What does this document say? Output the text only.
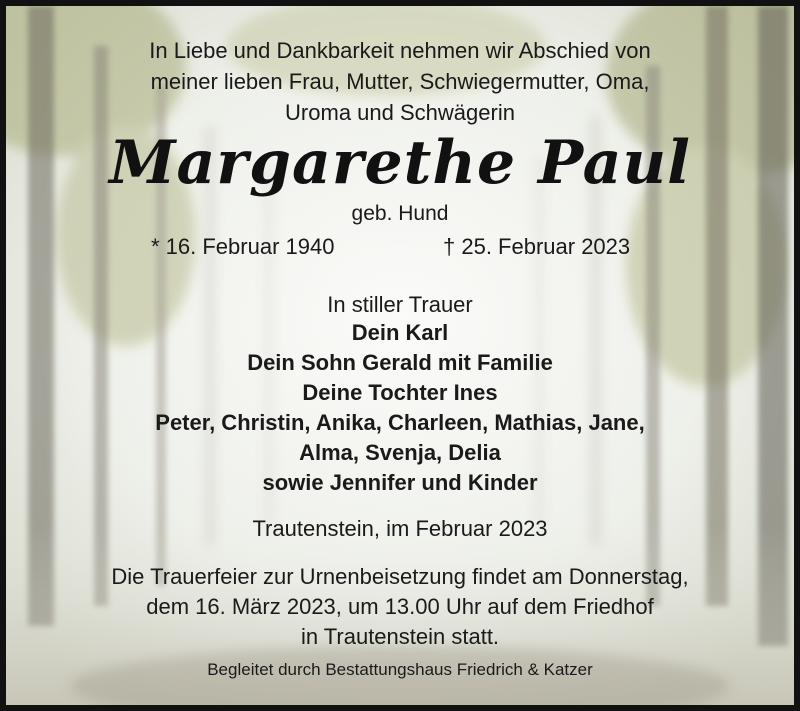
In Liebe und Dankbarkeit nehmen wir Abschied von
meiner lieben Frau, Mutter, Schwiegermutter, Oma,
Uroma und Schwägerin
Margarethe Paul
geb. Hund
* 16. Februar 1940	† 25. Februar 2023
In stiller Trauer
Dein Karl
Dein Sohn Gerald mit Familie
Deine Tochter Ines
Peter, Christin, Anika, Charleen, Mathias, Jane,
Alma, Svenja, Delia
sowie Jennifer und Kinder
Trautenstein, im Februar 2023
Die Trauerfeier zur Urnenbeisetzung findet am Donnerstag,
dem 16. März 2023, um 13.00 Uhr auf dem Friedhof
in Trautenstein statt.
Begleitet durch Bestattungshaus Friedrich & Katzer
